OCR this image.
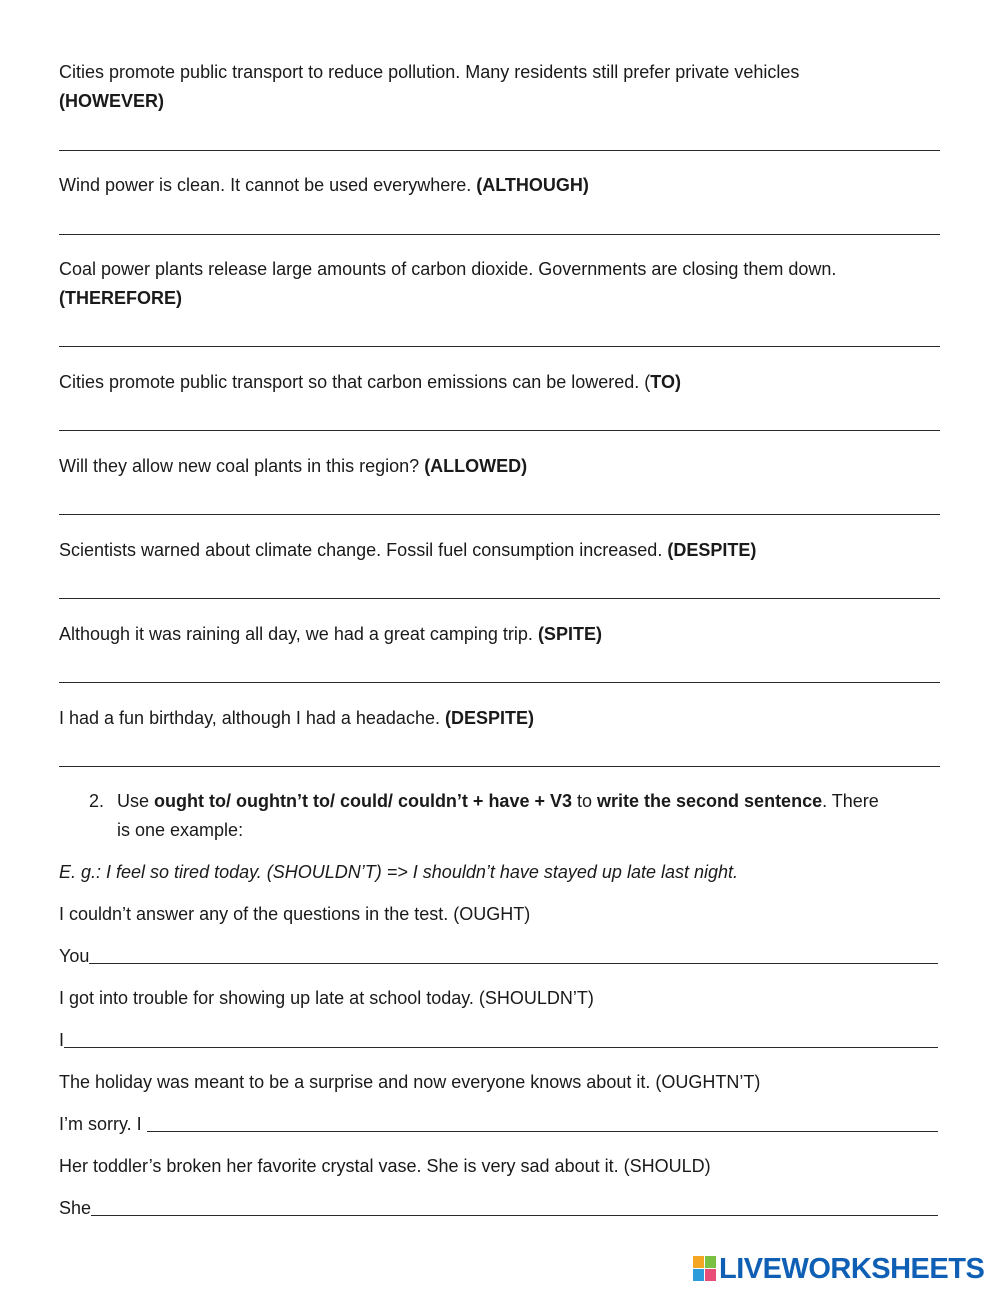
Cities promote public transport to reduce pollution. Many residents still prefer private vehicles
(HOWEVER)
Wind power is clean. It cannot be used everywhere. (ALTHOUGH)
Coal power plants release large amounts of carbon dioxide. Governments are closing them down.
(THEREFORE)
Cities promote public transport so that carbon emissions can be lowered. (TO)
Will they allow new coal plants in this region? (ALLOWED)
Scientists warned about climate change. Fossil fuel consumption increased. (DESPITE)
Although it was raining all day, we had a great camping trip. (SPITE)
I had a fun birthday, although I had a headache. (DESPITE)
2. Use ought to/ oughtn’t to/ could/ couldn’t + have + V3 to write the second sentence. There
is one example:
E. g.: I feel so tired today. (SHOULDN’T) => I shouldn’t have stayed up late last night.
I couldn’t answer any of the questions in the test. (OUGHT)
You
I got into trouble for showing up late at school today. (SHOULDN’T)
I
The holiday was meant to be a surprise and now everyone knows about it. (OUGHTN’T)
I’m sorry. I
Her toddler’s broken her favorite crystal vase. She is very sad about it. (SHOULD)
She
LIVEWORKSHEETS
